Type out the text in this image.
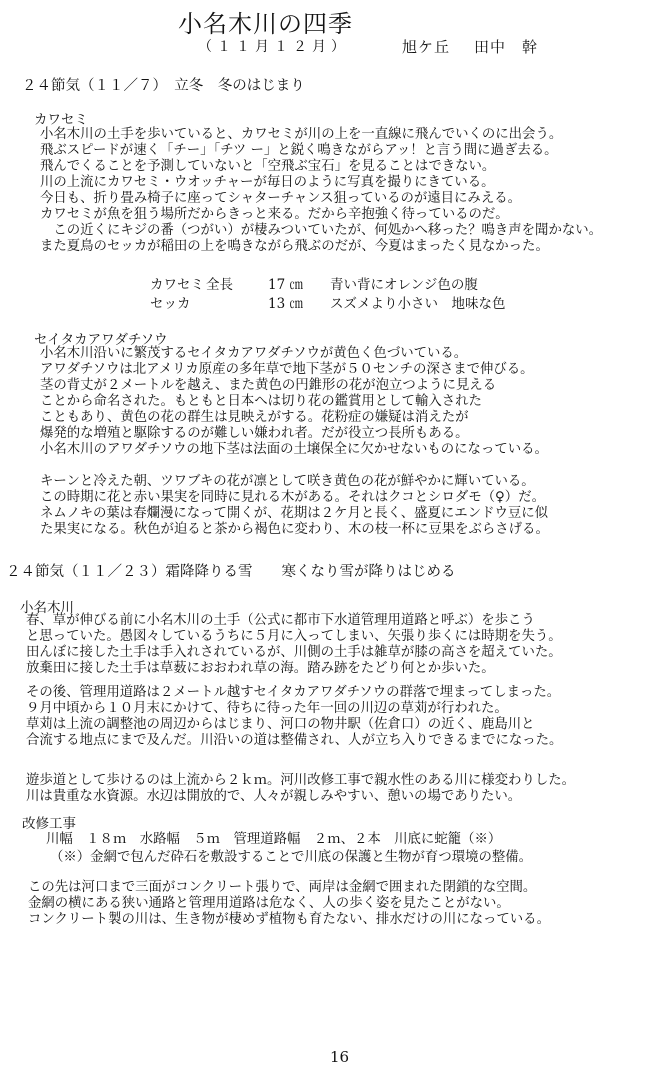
小名木川の四季
（１１月１２月）	旭ケ丘 田中　幹
２４節気（１１／７）　立冬　冬のはじまり
カワセミ
小名木川の土手を歩いていると、カワセミが川の上を一直線に飛んでいくのに出会う。
飛ぶスピードが速く「チー」「チツ ー」と鋭く鳴きながらアッ！と言う間に過ぎ去る。
飛んでくることを予測していないと「空飛ぶ宝石」を見ることはできない。
川の上流にカワセミ・ウオッチャーが毎日のように写真を撮りにきている。
今日も、折り畳み椅子に座ってシャターチャンス狙っているのが遠目にみえる。
カワセミが魚を狙う場所だからきっと来る。だから辛抱強く待っているのだ。
　この近くにキジの番（つがい）が棲みついていたが、何処かへ移った？鳴き声を聞かない。
また夏鳥のセッカが稲田の上を鳴きながら飛ぶのだが、今夏はまったく見なかった。
カワセミ 全長	17 ㎝ 青い背にオレンジ色の腹
セッカ	13 ㎝ スズメより小さい　地味な色
セイタカアワダチソウ
小名木川沿いに繁茂するセイタカアワダチソウが黄色く色づいている。
アワダチソウは北アメリカ原産の多年草で地下茎が５０センチの深さまで伸びる。
茎の背丈が２メートルを越え、また黄色の円錐形の花が泡立つように見える
ことから命名された。もともと日本へは切り花の鑑賞用として輸入された
こともあり、黄色の花の群生は見映えがする。花粉症の嫌疑は消えたが
爆発的な増殖と駆除するのが難しい嫌われ者。だが役立つ長所もある。
小名木川のアワダチソウの地下茎は法面の土壌保全に欠かせないものになっている。
キーンと冷えた朝、ツワブキの花が凛として咲き黄色の花が鮮やかに輝いている。
この時期に花と赤い果実を同時に見れる木がある。それはクコとシロダモ（♀）だ。
ネムノキの葉は春爛漫になって開くが、花期は２ケ月と長く、盛夏にエンドウ豆に似
た果実になる。秋色が迫ると茶から褐色に変わり、木の枝一杯に豆果をぶらさげる。
２４節気（１１／２３）霜降降りる雪　　寒くなり雪が降りはじめる
小名木川
春、草が伸びる前に小名木川の土手（公式に都市下水道管理用道路と呼ぶ）を歩こう
と思っていた。愚図々しているうちに５月に入ってしまい、矢張り歩くには時期を失う。
田んぼに接した土手は手入れされているが、川側の土手は雑草が膝の高さを超えていた。
放棄田に接した土手は草薮におおわれ草の海。踏み跡をたどり何とか歩いた。
その後、管理用道路は２メートル越すセイタカアワダチソウの群落で埋まってしまった。
９月中頃から１０月末にかけて、待ちに待った年一回の川辺の草苅が行われた。
草苅は上流の調整池の周辺からはじまり、河口の物井駅（佐倉口）の近く、鹿島川と
合流する地点にまで及んだ。川沿いの道は整備され、人が立ち入りできるまでになった。
遊歩道として歩けるのは上流から２ｋｍ。河川改修工事で親水性のある川に様変わりした。
川は貴重な水資源。水辺は開放的で、人々が親しみやすい、憩いの場でありたい。
改修工事
川幅　１８ｍ　水路幅　５ｍ　管理道路幅　２ｍ、２本　川底に蛇籠（※）
（※）金網で包んだ砕石を敷設することで川底の保護と生物が育つ環境の整備。
この先は河口まで三面がコンクリート張りで、両岸は金網で囲まれた閉鎖的な空間。
金網の横にある狭い通路と管理用道路は危なく、人の歩く姿を見たことがない。
コンクリート製の川は、生き物が棲めず植物も育たない、排水だけの川になっている。
16
